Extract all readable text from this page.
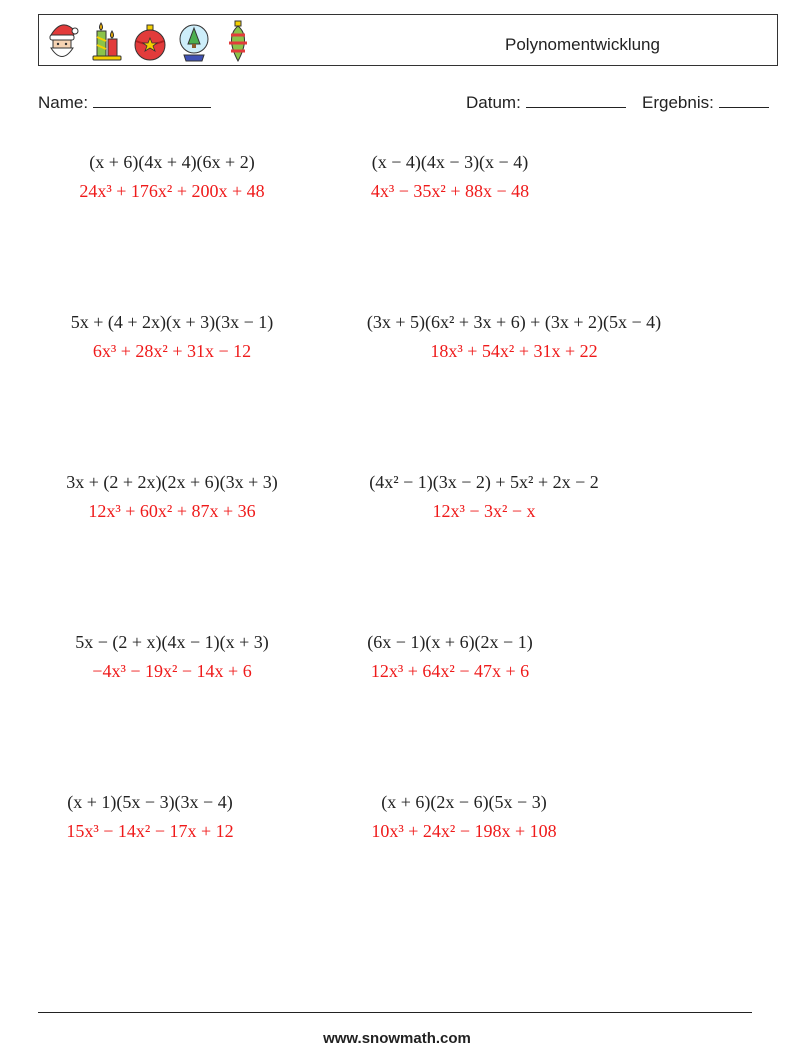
Polynomentwicklung
Name:	Datum:	Ergebnis:
(x + 6)(4x + 4)(6x + 2)
24x³ + 176x² + 200x + 48
(x − 4)(4x − 3)(x − 4)
4x³ − 35x² + 88x − 48
5x + (4 + 2x)(x + 3)(3x − 1)
6x³ + 28x² + 31x − 12
(3x + 5)(6x² + 3x + 6) + (3x + 2)(5x − 4)
18x³ + 54x² + 31x + 22
3x + (2 + 2x)(2x + 6)(3x + 3)
12x³ + 60x² + 87x + 36
(4x² − 1)(3x − 2) + 5x² + 2x − 2
12x³ − 3x² − x
5x − (2 + x)(4x − 1)(x + 3)
−4x³ − 19x² − 14x + 6
(6x − 1)(x + 6)(2x − 1)
12x³ + 64x² − 47x + 6
(x + 1)(5x − 3)(3x − 4)
15x³ − 14x² − 17x + 12
(x + 6)(2x − 6)(5x − 3)
10x³ + 24x² − 198x + 108
www.snowmath.com
